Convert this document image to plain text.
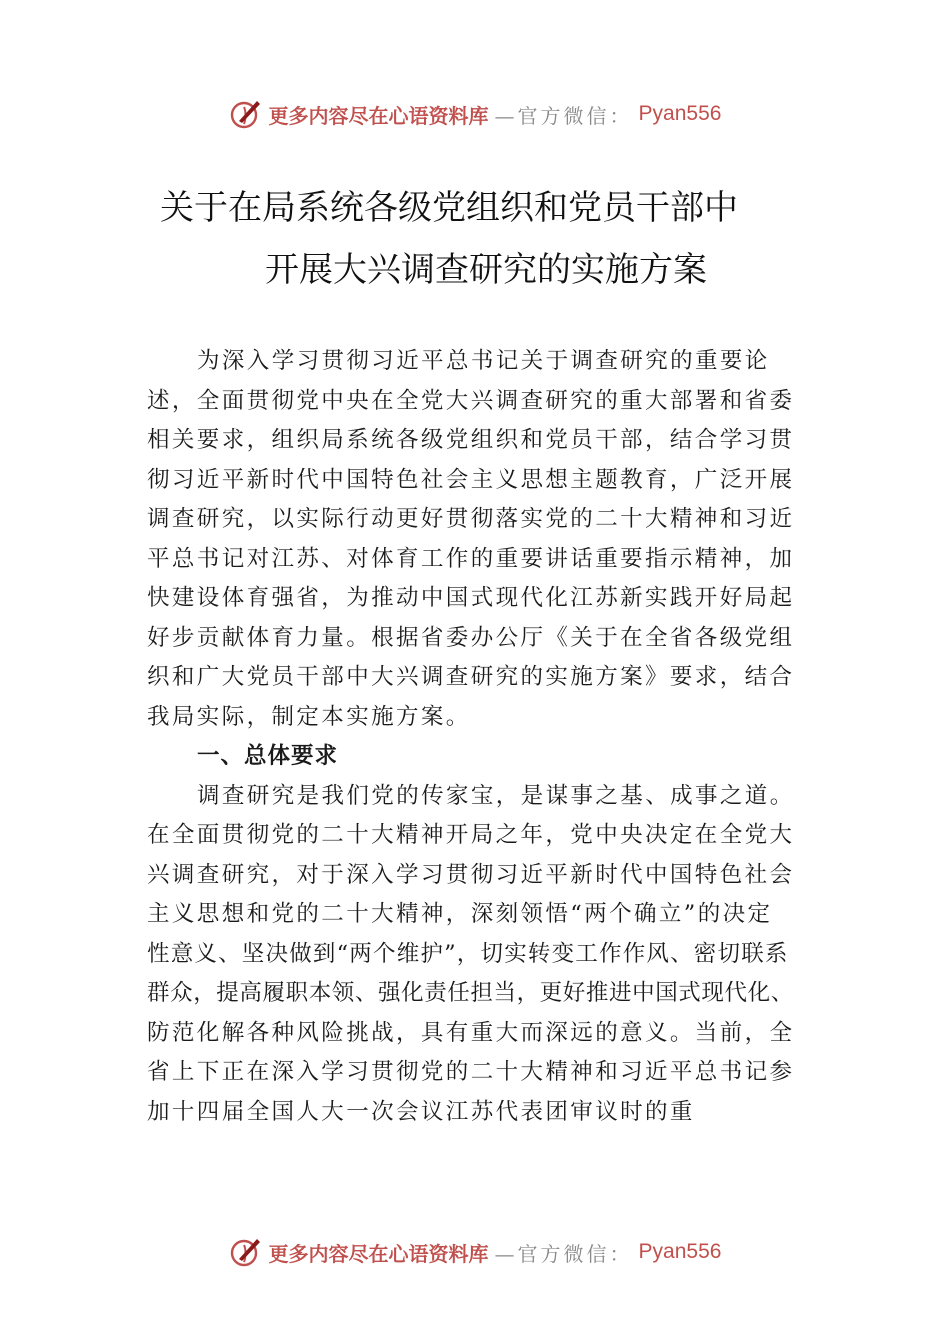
更多内容尽在心语资料库 —官方微信： Pyan556
关于在局系统各级党组织和党员干部中
开展大兴调查研究的实施方案

为深入学习贯彻习近平总书记关于调查研究的重要论

述，全面贯彻党中央在全党大兴调查研究的重大部署和省委

相关要求，组织局系统各级党组织和党员干部，结合学习贯

彻习近平新时代中国特色社会主义思想主题教育，广泛开展

调查研究，以实际行动更好贯彻落实党的二十大精神和习近

平总书记对江苏、对体育工作的重要讲话重要指示精神，加

快建设体育强省，为推动中国式现代化江苏新实践开好局起

好步贡献体育力量。根据省委办公厅《关于在全省各级党组

织和广大党员干部中大兴调查研究的实施方案》要求，结合

我局实际，制定本实施方案。

一、总体要求

调查研究是我们党的传家宝，是谋事之基、成事之道。

在全面贯彻党的二十大精神开局之年，党中央决定在全党大

兴调查研究，对于深入学习贯彻习近平新时代中国特色社会

主义思想和党的二十大精神，深刻领悟“两个确立”的决定

性意义、坚决做到“两个维护”，切实转变工作作风、密切联系

群众，提高履职本领、强化责任担当，更好推进中国式现代化、

防范化解各种风险挑战，具有重大而深远的意义。当前，全

省上下正在深入学习贯彻党的二十大精神和习近平总书记参

加十四届全国人大一次会议江苏代表团审议时的重

更多内容尽在心语资料库 —官方微信： Pyan556
